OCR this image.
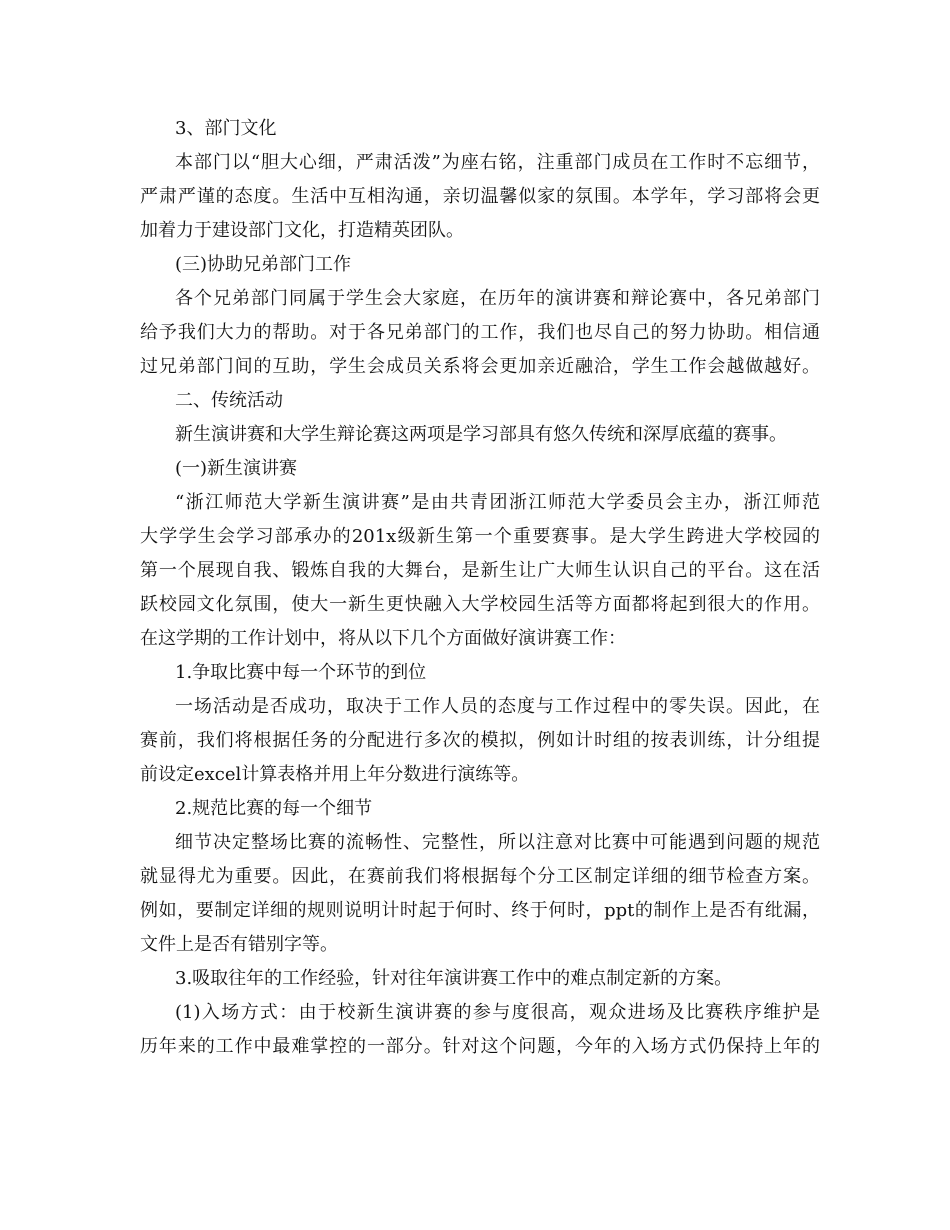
3、部门文化
本部门以“胆大心细，严肃活泼”为座右铭，注重部门成员在工作时不忘细节，
严肃严谨的态度。生活中互相沟通，亲切温馨似家的氛围。本学年，学习部将会更
加着力于建设部门文化，打造精英团队。
(三)协助兄弟部门工作
各个兄弟部门同属于学生会大家庭，在历年的演讲赛和辩论赛中，各兄弟部门
给予我们大力的帮助。对于各兄弟部门的工作，我们也尽自己的努力协助。相信通
过兄弟部门间的互助，学生会成员关系将会更加亲近融洽，学生工作会越做越好。
二、传统活动
新生演讲赛和大学生辩论赛这两项是学习部具有悠久传统和深厚底蕴的赛事。
(一)新生演讲赛
“浙江师范大学新生演讲赛”是由共青团浙江师范大学委员会主办，浙江师范
大学学生会学习部承办的201x级新生第一个重要赛事。是大学生跨进大学校园的
第一个展现自我、锻炼自我的大舞台，是新生让广大师生认识自己的平台。这在活
跃校园文化氛围，使大一新生更快融入大学校园生活等方面都将起到很大的作用。
在这学期的工作计划中，将从以下几个方面做好演讲赛工作：
1.争取比赛中每一个环节的到位
一场活动是否成功，取决于工作人员的态度与工作过程中的零失误。因此，在
赛前，我们将根据任务的分配进行多次的模拟，例如计时组的按表训练，计分组提
前设定excel计算表格并用上年分数进行演练等。
2.规范比赛的每一个细节
细节决定整场比赛的流畅性、完整性，所以注意对比赛中可能遇到问题的规范
就显得尤为重要。因此，在赛前我们将根据每个分工区制定详细的细节检查方案。
例如，要制定详细的规则说明计时起于何时、终于何时，ppt的制作上是否有纰漏，
文件上是否有错别字等。
3.吸取往年的工作经验，针对往年演讲赛工作中的难点制定新的方案。
(1)入场方式：由于校新生演讲赛的参与度很高，观众进场及比赛秩序维护是
历年来的工作中最难掌控的一部分。针对这个问题，今年的入场方式仍保持上年的
